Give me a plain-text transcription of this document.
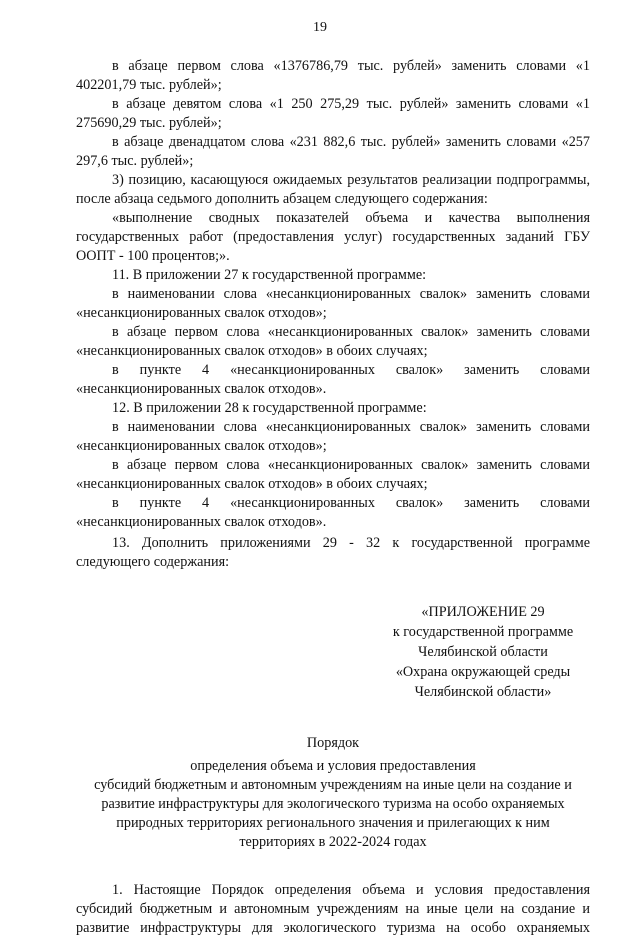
19
в абзаце первом слова «1376786,79 тыс. рублей» заменить словами «1 402201,79 тыс. рублей»;
в абзаце девятом слова «1 250 275,29 тыс. рублей» заменить словами «1 275690,29 тыс. рублей»;
в абзаце двенадцатом слова «231 882,6 тыс. рублей» заменить словами «257 297,6 тыс. рублей»;
3) позицию, касающуюся ожидаемых результатов реализации подпрограммы, после абзаца седьмого дополнить абзацем следующего содержания:
«выполнение сводных показателей объема и качества выполнения государственных работ (предоставления услуг) государственных заданий ГБУ ООПТ - 100 процентов;».
11. В приложении 27 к государственной программе:
в наименовании слова «несанкционированных свалок» заменить словами «несанкционированных свалок отходов»;
в абзаце первом слова «несанкционированных свалок» заменить словами «несанкционированных свалок отходов» в обоих случаях;
в пункте 4 «несанкционированных свалок» заменить словами «несанкционированных свалок отходов».
12. В приложении 28 к государственной программе:
в наименовании слова «несанкционированных свалок» заменить словами «несанкционированных свалок отходов»;
в абзаце первом слова «несанкционированных свалок» заменить словами «несанкционированных свалок отходов» в обоих случаях;
в пункте 4 «несанкционированных свалок» заменить словами «несанкционированных свалок отходов».
13. Дополнить приложениями 29 - 32 к государственной программе следующего содержания:
«ПРИЛОЖЕНИЕ 29
к государственной программе
Челябинской области
«Охрана окружающей среды
Челябинской области»
Порядок
определения объема и условия предоставления
субсидий бюджетным и автономным учреждениям на иные цели на создание и
развитие инфраструктуры для экологического туризма на особо охраняемых
природных территориях регионального значения и прилегающих к ним
территориях в 2022-2024 годах
1. Настоящие Порядок определения объема и условия предоставления субсидий бюджетным и автономным учреждениям на иные цели на создание и развитие инфраструктуры для экологического туризма на особо охраняемых
